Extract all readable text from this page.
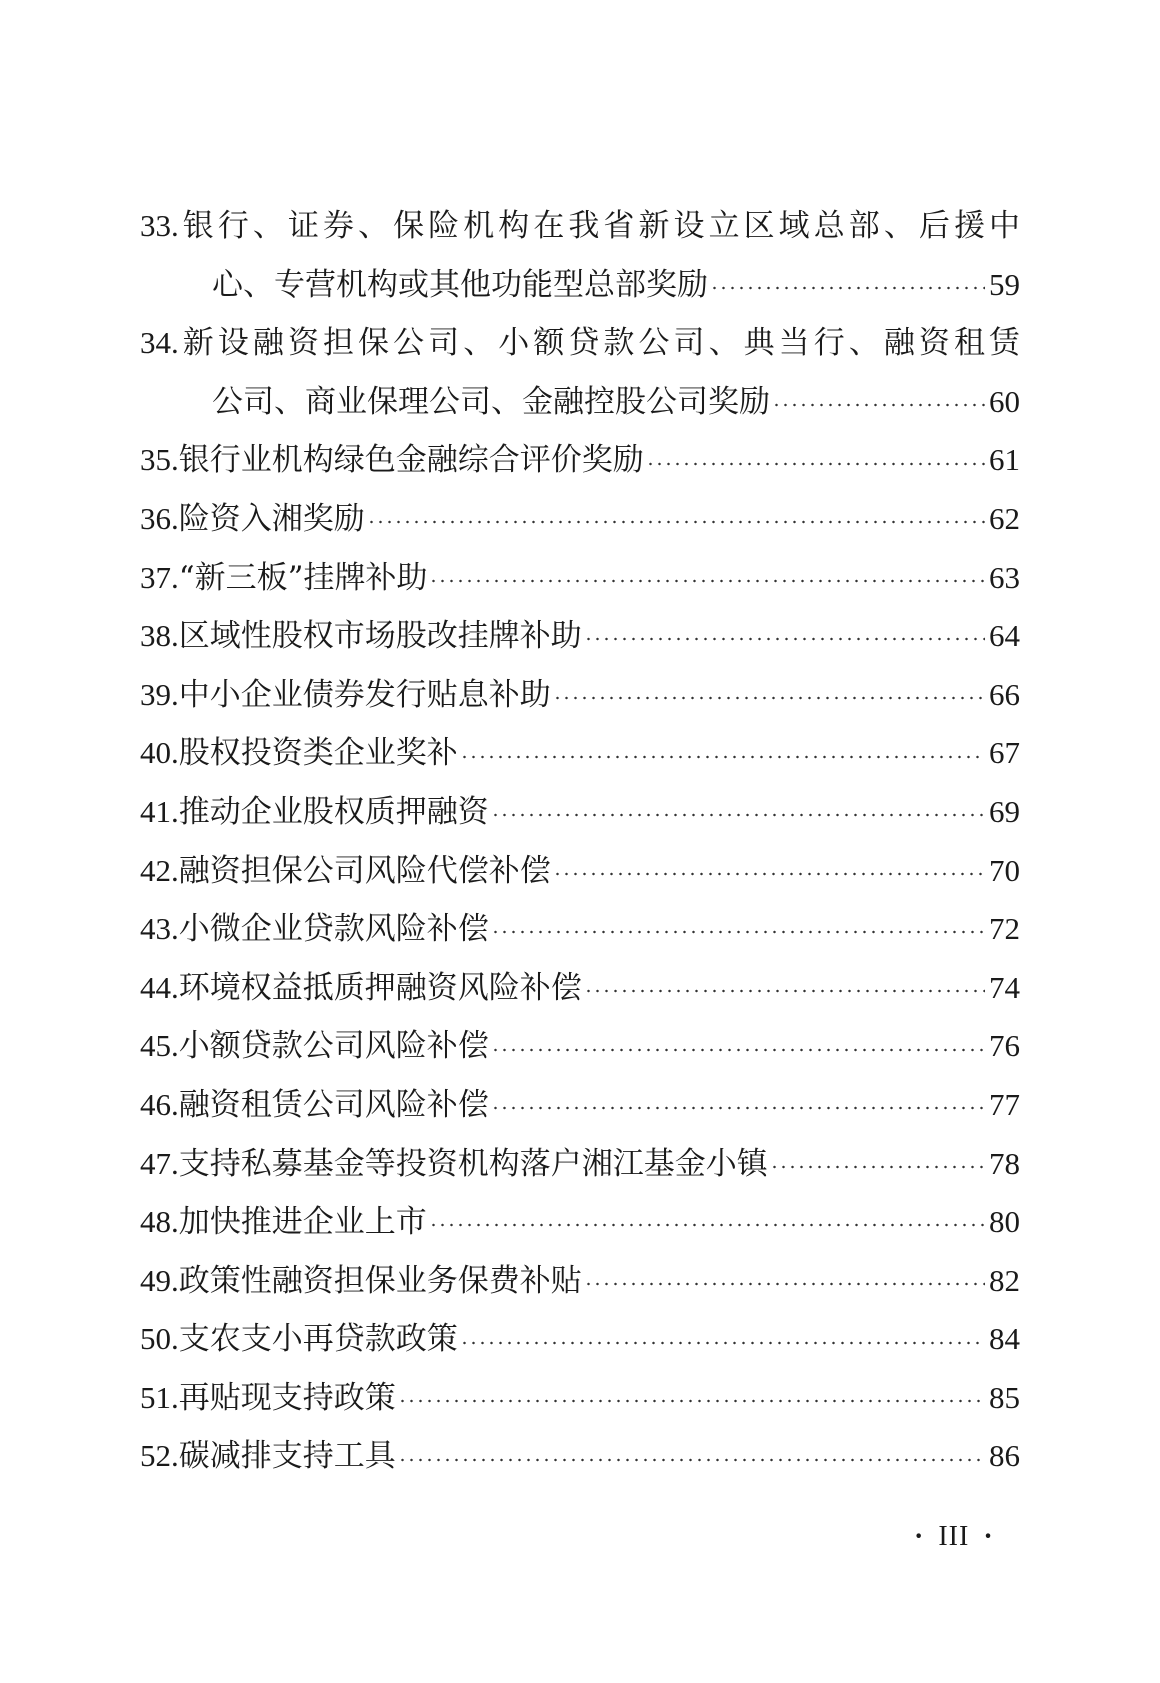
33.银行、证券、保险机构在我省新设立区域总部、后援中
心、专营机构或其他功能型总部奖励	59
34.新设融资担保公司、小额贷款公司、典当行、融资租赁
公司、商业保理公司、金融控股公司奖励	60
35.银行业机构绿色金融综合评价奖励	61
36.险资入湘奖励	62
37.“新三板”挂牌补助	63
38.区域性股权市场股改挂牌补助	64
39.中小企业债券发行贴息补助	66
40.股权投资类企业奖补	67
41.推动企业股权质押融资	69
42.融资担保公司风险代偿补偿	70
43.小微企业贷款风险补偿	72
44.环境权益抵质押融资风险补偿	74
45.小额贷款公司风险补偿	76
46.融资租赁公司风险补偿	77
47.支持私募基金等投资机构落户湘江基金小镇	78
48.加快推进企业上市	80
49.政策性融资担保业务保费补贴	82
50.支农支小再贷款政策	84
51.再贴现支持政策	85
52.碳减排支持工具	86
· III ·
